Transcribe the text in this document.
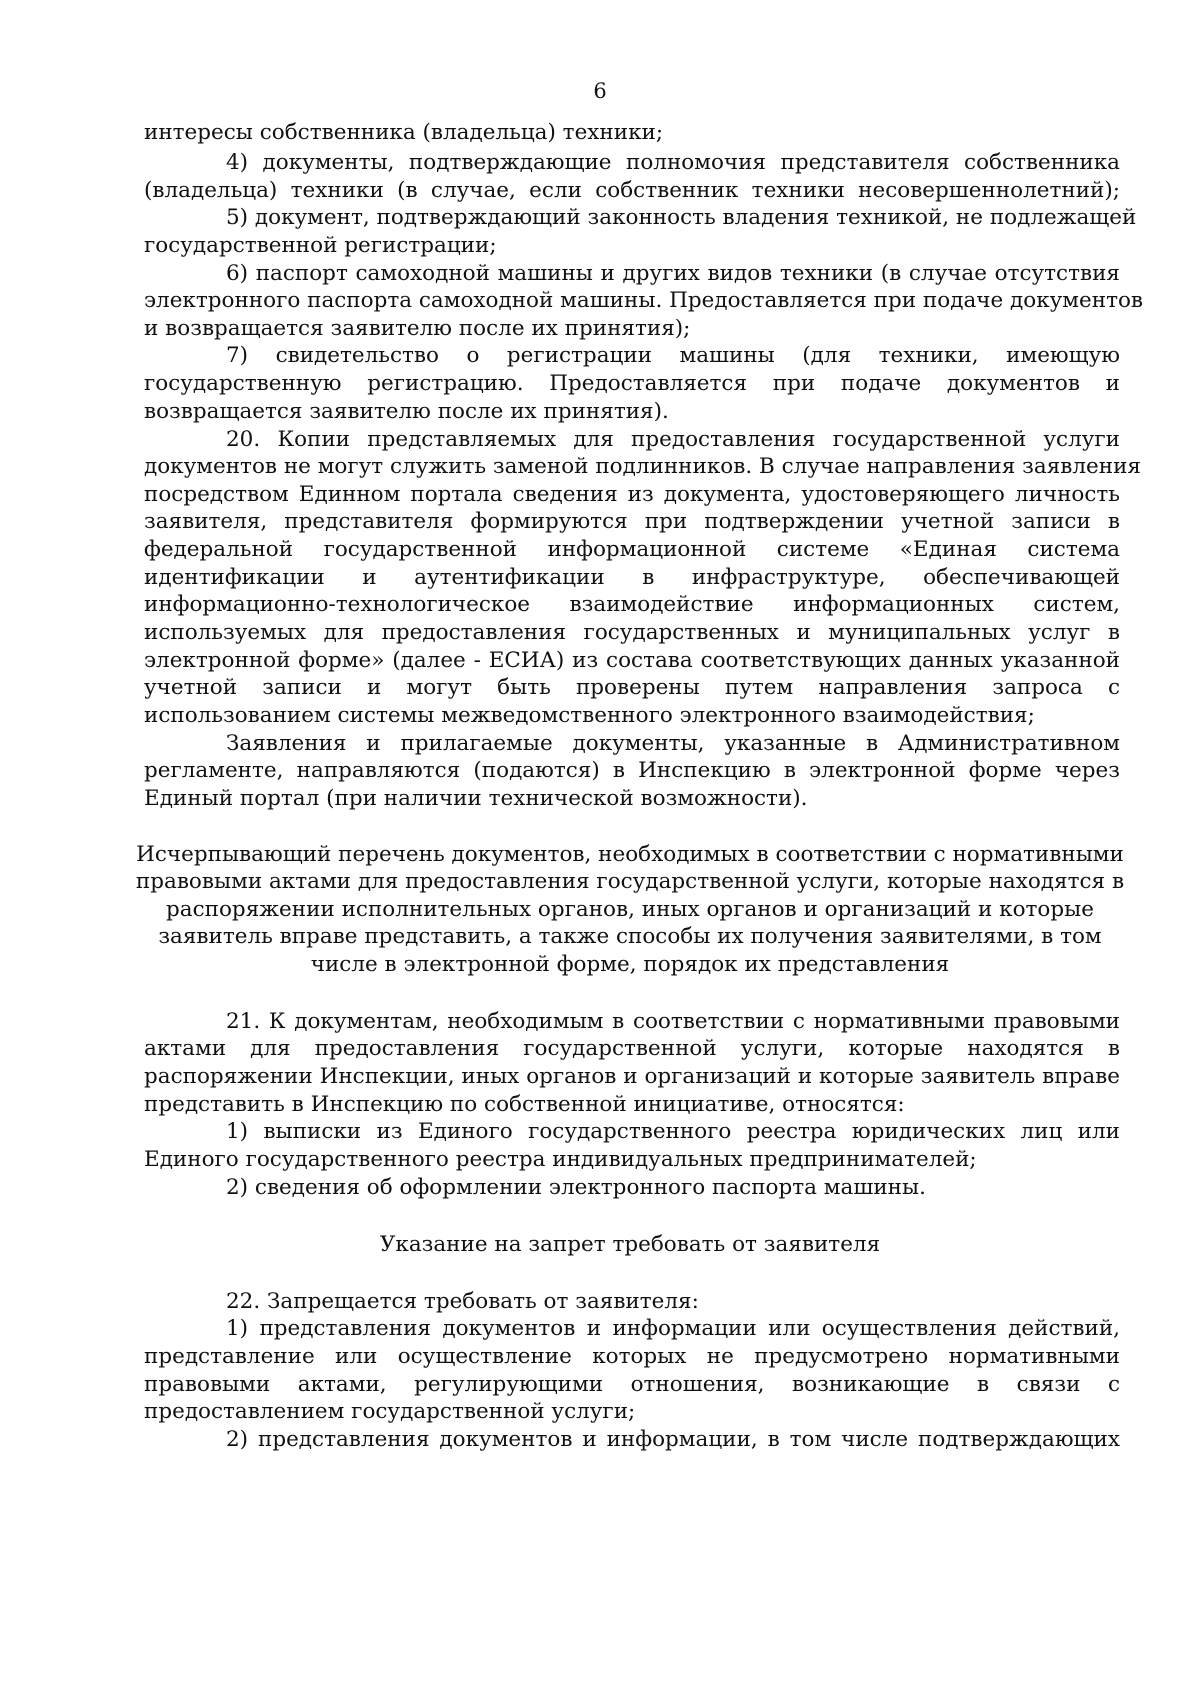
6
интересы собственника (владельца) техники;
4) документы, подтверждающие полномочия представителя собственника
(владельца) техники (в случае, если собственник техники несовершеннолетний);
5) документ, подтверждающий законность владения техникой, не подлежащей
государственной регистрации;
6) паспорт самоходной машины и других видов техники (в случае отсутствия
электронного паспорта самоходной машины. Предоставляется при подаче документов
и возвращается заявителю после их принятия);
7) свидетельство о регистрации машины (для техники, имеющую
государственную регистрацию. Предоставляется при подаче документов и
возвращается заявителю после их принятия).
20. Копии представляемых для предоставления государственной услуги
документов не могут служить заменой подлинников. В случае направления заявления
посредством Единном портала сведения из документа, удостоверяющего личность
заявителя, представителя формируются при подтверждении учетной записи в
федеральной государственной информационной системе «Единая система
идентификации и аутентификации в инфраструктуре, обеспечивающей
информационно-технологическое взаимодействие информационных систем,
используемых для предоставления государственных и муниципальных услуг в
электронной форме» (далее - ЕСИА) из состава соответствующих данных указанной
учетной записи и могут быть проверены путем направления запроса с
использованием системы межведомственного электронного взаимодействия;
Заявления и прилагаемые документы, указанные в Административном
регламенте, направляются (подаются) в Инспекцию в электронной форме через
Единый портал (при наличии технической возможности).
Исчерпывающий перечень документов, необходимых в соответствии с нормативными
правовыми актами для предоставления государственной услуги, которые находятся в
распоряжении исполнительных органов, иных органов и организаций и которые
заявитель вправе представить, а также способы их получения заявителями, в том
числе в электронной форме, порядок их представления
21. К документам, необходимым в соответствии с нормативными правовыми
актами для предоставления государственной услуги, которые находятся в
распоряжении Инспекции, иных органов и организаций и которые заявитель вправе
представить в Инспекцию по собственной инициативе, относятся:
1) выписки из Единого государственного реестра юридических лиц или
Единого государственного реестра индивидуальных предпринимателей;
2) сведения об оформлении электронного паспорта машины.
Указание на запрет требовать от заявителя
22. Запрещается требовать от заявителя:
1) представления документов и информации или осуществления действий,
представление или осуществление которых не предусмотрено нормативными
правовыми актами, регулирующими отношения, возникающие в связи с
предоставлением государственной услуги;
2) представления документов и информации, в том числе подтверждающих
